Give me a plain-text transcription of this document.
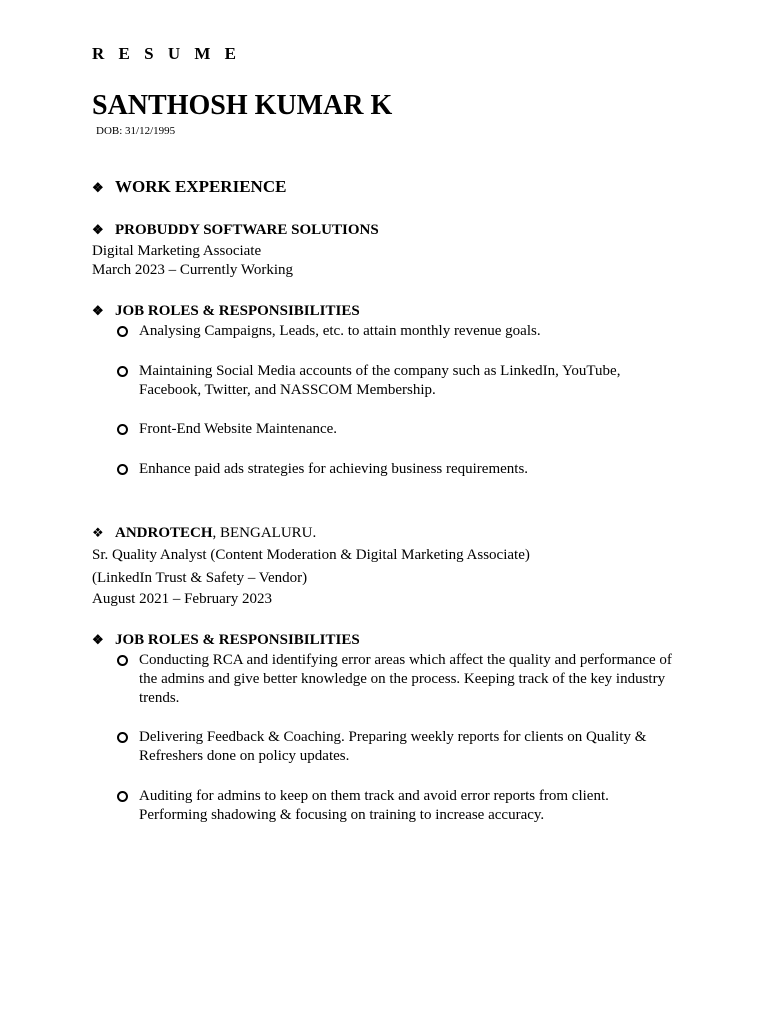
R E S U M E
SANTHOSH KUMAR K
DOB: 31/12/1995
❖ WORK EXPERIENCE
❖ PROBUDDY SOFTWARE SOLUTIONS
Digital Marketing Associate
March 2023 – Currently Working
❖ JOB ROLES & RESPONSIBILITIES
Analysing Campaigns, Leads, etc. to attain monthly revenue goals.
Maintaining Social Media accounts of the company such as LinkedIn, YouTube, Facebook, Twitter, and NASSCOM Membership.
Front-End Website Maintenance.
Enhance paid ads strategies for achieving business requirements.
❖ ANDROTECH, BENGALURU.
Sr. Quality Analyst (Content Moderation & Digital Marketing Associate)
(LinkedIn Trust & Safety – Vendor)
August 2021 – February 2023
❖ JOB ROLES & RESPONSIBILITIES
Conducting RCA and identifying error areas which affect the quality and performance of the admins and give better knowledge on the process. Keeping track of the key industry trends.
Delivering Feedback & Coaching. Preparing weekly reports for clients on Quality & Refreshers done on policy updates.
Auditing for admins to keep on them track and avoid error reports from client. Performing shadowing & focusing on training to increase accuracy.
